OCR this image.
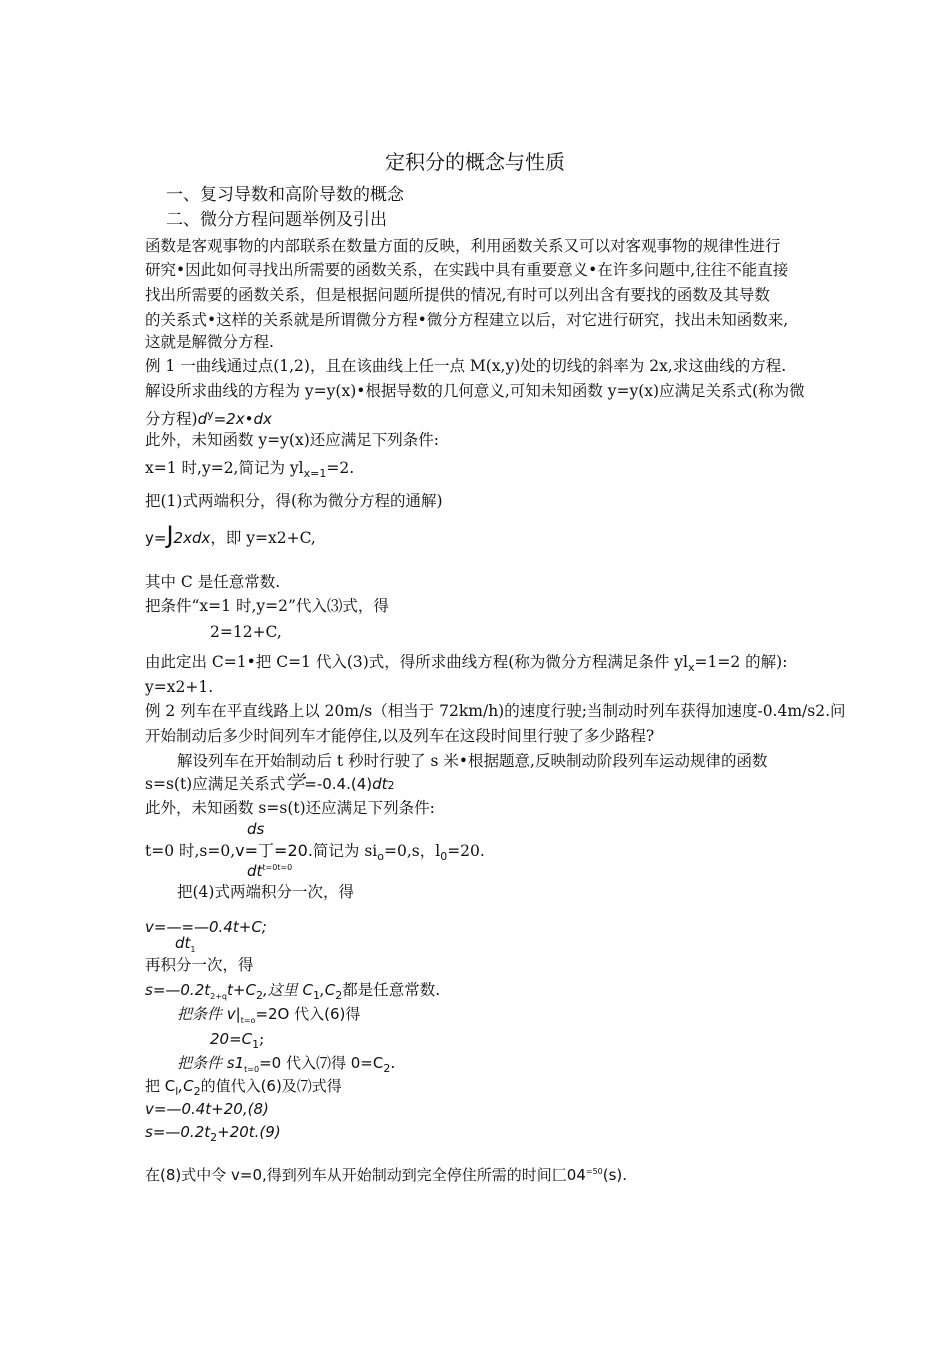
定积分的概念与性质
一、复习导数和高阶导数的概念
二、微分方程问题举例及引出
函数是客观事物的内部联系在数量方面的反映，利用函数关系又可以对客观事物的规律性进行
研究•因此如何寻找出所需要的函数关系，在实践中具有重要意义•在许多问题中,往往不能直接
找出所需要的函数关系，但是根据问题所提供的情况,有时可以列出含有要找的函数及其导数
的关系式•这样的关系就是所谓微分方程•微分方程建立以后，对它进行研究，找出未知函数来,
这就是解微分方程.
例 1 一曲线通过点(1,2)，且在该曲线上任一点 M(x,y)处的切线的斜率为 2x,求这曲线的方程.
解设所求曲线的方程为 y=y(x)•根据导数的几何意义,可知未知函数 y=y(x)应满足关系式(称为微
分方程)$d^y=2x•dx$
此外，未知函数 y=y(x)还应满足下列条件:
x=1 时,y=2,简记为 $yl_{x=1}=2$.
把(1)式两端积分，得(称为微分方程的通解)
y=J2xdx，即 y=x2+C,
其中 C 是任意常数.
把条件“x=1 时,y=2”代入⑶式，得
2=12+C,
由此定出 C=1•把 C=1 代入(3)式，得所求曲线方程(称为微分方程满足条件 $yl_x=1=2$ 的解):
y=x2+1.
例 2 列车在平直线路上以 20m/s（相当于 72km/h)的速度行驶;当制动时列车获得加速度-0.4m/s2.问
开始制动后多少时间列车才能停住,以及列车在这段时间里行驶了多少路程?
解设列车在开始制动后 t 秒时行驶了 s 米•根据题意,反映制动阶段列车运动规律的函数
s=s(t)应满足关系式学=-0.4.(4)dt2
此外，未知函数 s=s(t)还应满足下列条件:
ds
t=0 时,s=0,v=丁=20.简记为 $si_o=0,s$，$l_0=20$.
$dt^{t=0t=0}$
把(4)式两端积分一次，得
v=—=—0.4t+C;
$dt_1$
再积分一次，得
$s=—0.2t_{2+q}t+C_2$,这里 $C_1,C_2$都是任意常数.
把条件 $v|_{t=o}=2O$ 代入(6)得
$20=C_1$;
把条件 $s1_{t=0}=0$ 代入⑺得 $0=C_2$.
把 $C_l,C_2$的值代入(6)及⑺式得
v=—0.4t+20,(8)
$s=—0.2t_2+20t.(9)$
在(8)式中令 v=0,得到列车从开始制动到完全停住所需的时间匚$04^{=50}(s)$.
